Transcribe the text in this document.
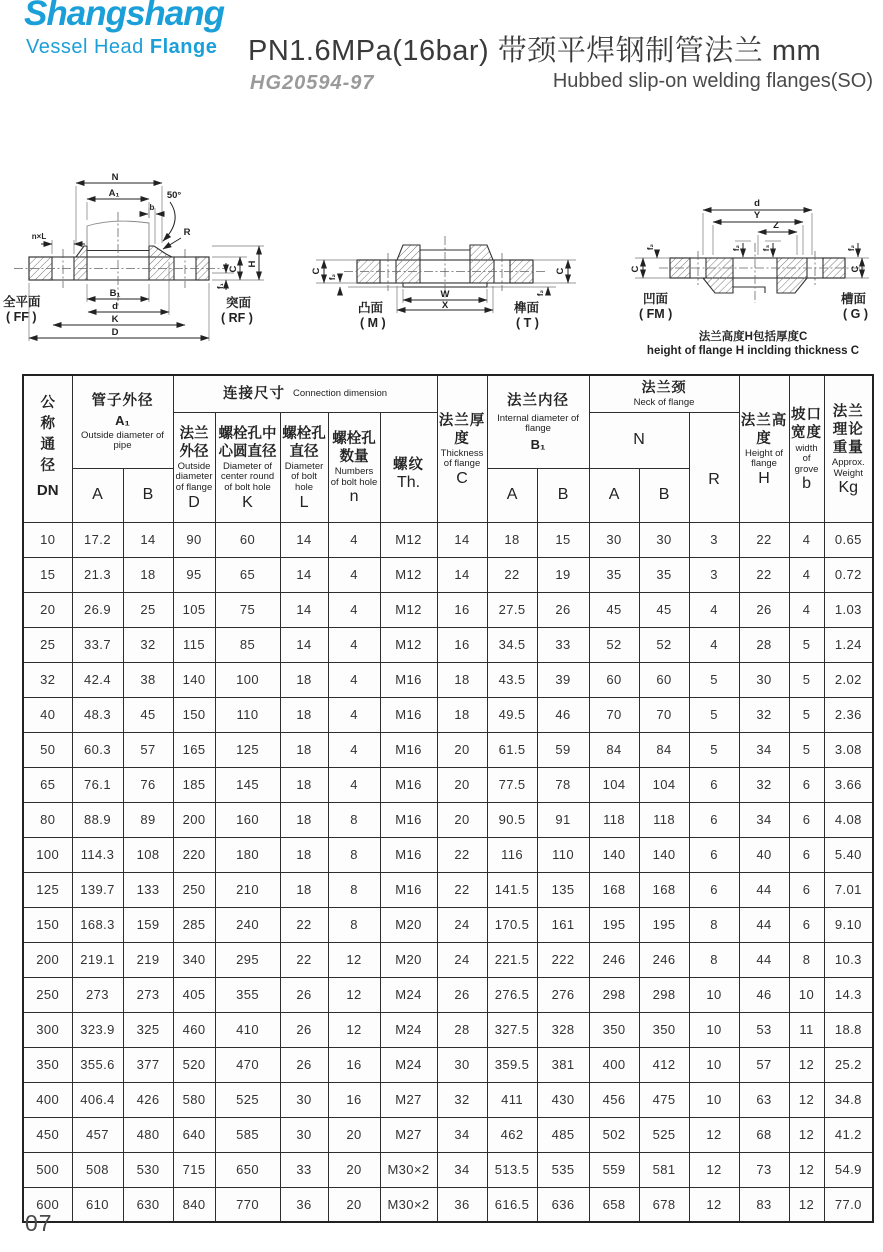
Shangshang
Vessel Head Flange PN1.6MPa(16bar) 带颈平焊钢制管法兰 mm
HG20594-97	Hubbed slip-on welding flanges(SO)
N
A₁	50°
b
R
n×L
B₁
d
K
D
C
H
f₁
全平面
( FF )
突面
( RF )
C
f₂
W
X
C
f₂
凸面
( M )
榫面
( T )
d
Y
Z
f₂	f₃	f₂
C
f₂
C
凹面
( FM )
槽面
( G )
法兰高度H包括厚度C
height of flange H inclding thickness C
公称通径
DN

管子外径
A₁
Outside diameter of pipe

连接尺寸 Connection dimension

法兰厚度
Thickness of flange
C

法兰内径
Internal diameter of flange
B₁

法兰颈
Neck of flange

法兰高度
Height of flange
H

坡口宽度
width of grove
b

法兰理论重量
Approx. Weight
Kg

法兰外径
Outside diameter of flange
D

螺栓孔中心圆直径
Diameter of center round of bolt hole
K

螺栓孔直径
Diameter of bolt hole
L

螺栓孔数量
Numbers of bolt hole
n

螺纹
Th.
	N	
R

	A	B							A	B	A	B				
10	17.2	14	90	60	14	4	M12	14	18	15	30	30	3	22	4	0.65
15	21.3	18	95	65	14	4	M12	14	22	19	35	35	3	22	4	0.72
20	26.9	25	105	75	14	4	M12	16	27.5	26	45	45	4	26	4	1.03
25	33.7	32	115	85	14	4	M12	16	34.5	33	52	52	4	28	5	1.24
32	42.4	38	140	100	18	4	M16	18	43.5	39	60	60	5	30	5	2.02
40	48.3	45	150	110	18	4	M16	18	49.5	46	70	70	5	32	5	2.36
50	60.3	57	165	125	18	4	M16	20	61.5	59	84	84	5	34	5	3.08
65	76.1	76	185	145	18	4	M16	20	77.5	78	104	104	6	32	6	3.66
80	88.9	89	200	160	18	8	M16	20	90.5	91	118	118	6	34	6	4.08
100	114.3	108	220	180	18	8	M16	22	116	110	140	140	6	40	6	5.40
125	139.7	133	250	210	18	8	M16	22	141.5	135	168	168	6	44	6	7.01
150	168.3	159	285	240	22	8	M20	24	170.5	161	195	195	8	44	6	9.10
200	219.1	219	340	295	22	12	M20	24	221.5	222	246	246	8	44	8	10.3
250	273	273	405	355	26	12	M24	26	276.5	276	298	298	10	46	10	14.3
300	323.9	325	460	410	26	12	M24	28	327.5	328	350	350	10	53	11	18.8
350	355.6	377	520	470	26	16	M24	30	359.5	381	400	412	10	57	12	25.2
400	406.4	426	580	525	30	16	M27	32	411	430	456	475	10	63	12	34.8
450	457	480	640	585	30	20	M27	34	462	485	502	525	12	68	12	41.2
500	508	530	715	650	33	20	M30×2	34	513.5	535	559	581	12	73	12	54.9
600	610	630	840	770	36	20	M30×2	36	616.5	636	658	678	12	83	12	77.0
07
